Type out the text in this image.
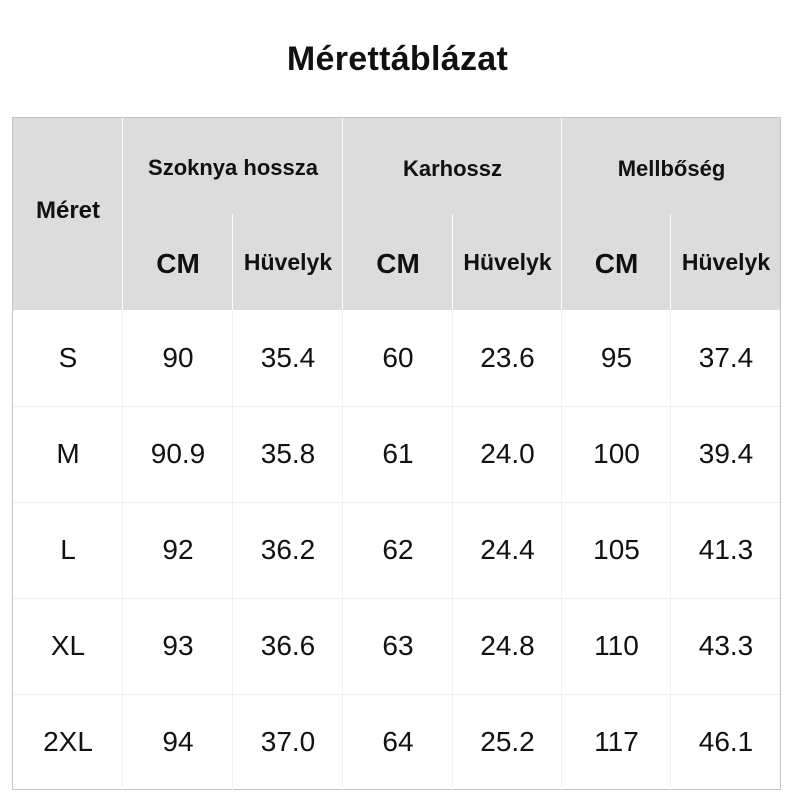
Mérettáblázat
Méret
Szoknya hossza	Karhossz	Mellbőség
CM	Hüvelyk	CM	Hüvelyk	CM	Hüvelyk
S	90	35.4	60	23.6	95	37.4
M	90.9	35.8	61	24.0	100	39.4
L	92	36.2	62	24.4	105	41.3
XL	93	36.6	63	24.8	110	43.3
2XL	94	37.0	64	25.2	117	46.1
